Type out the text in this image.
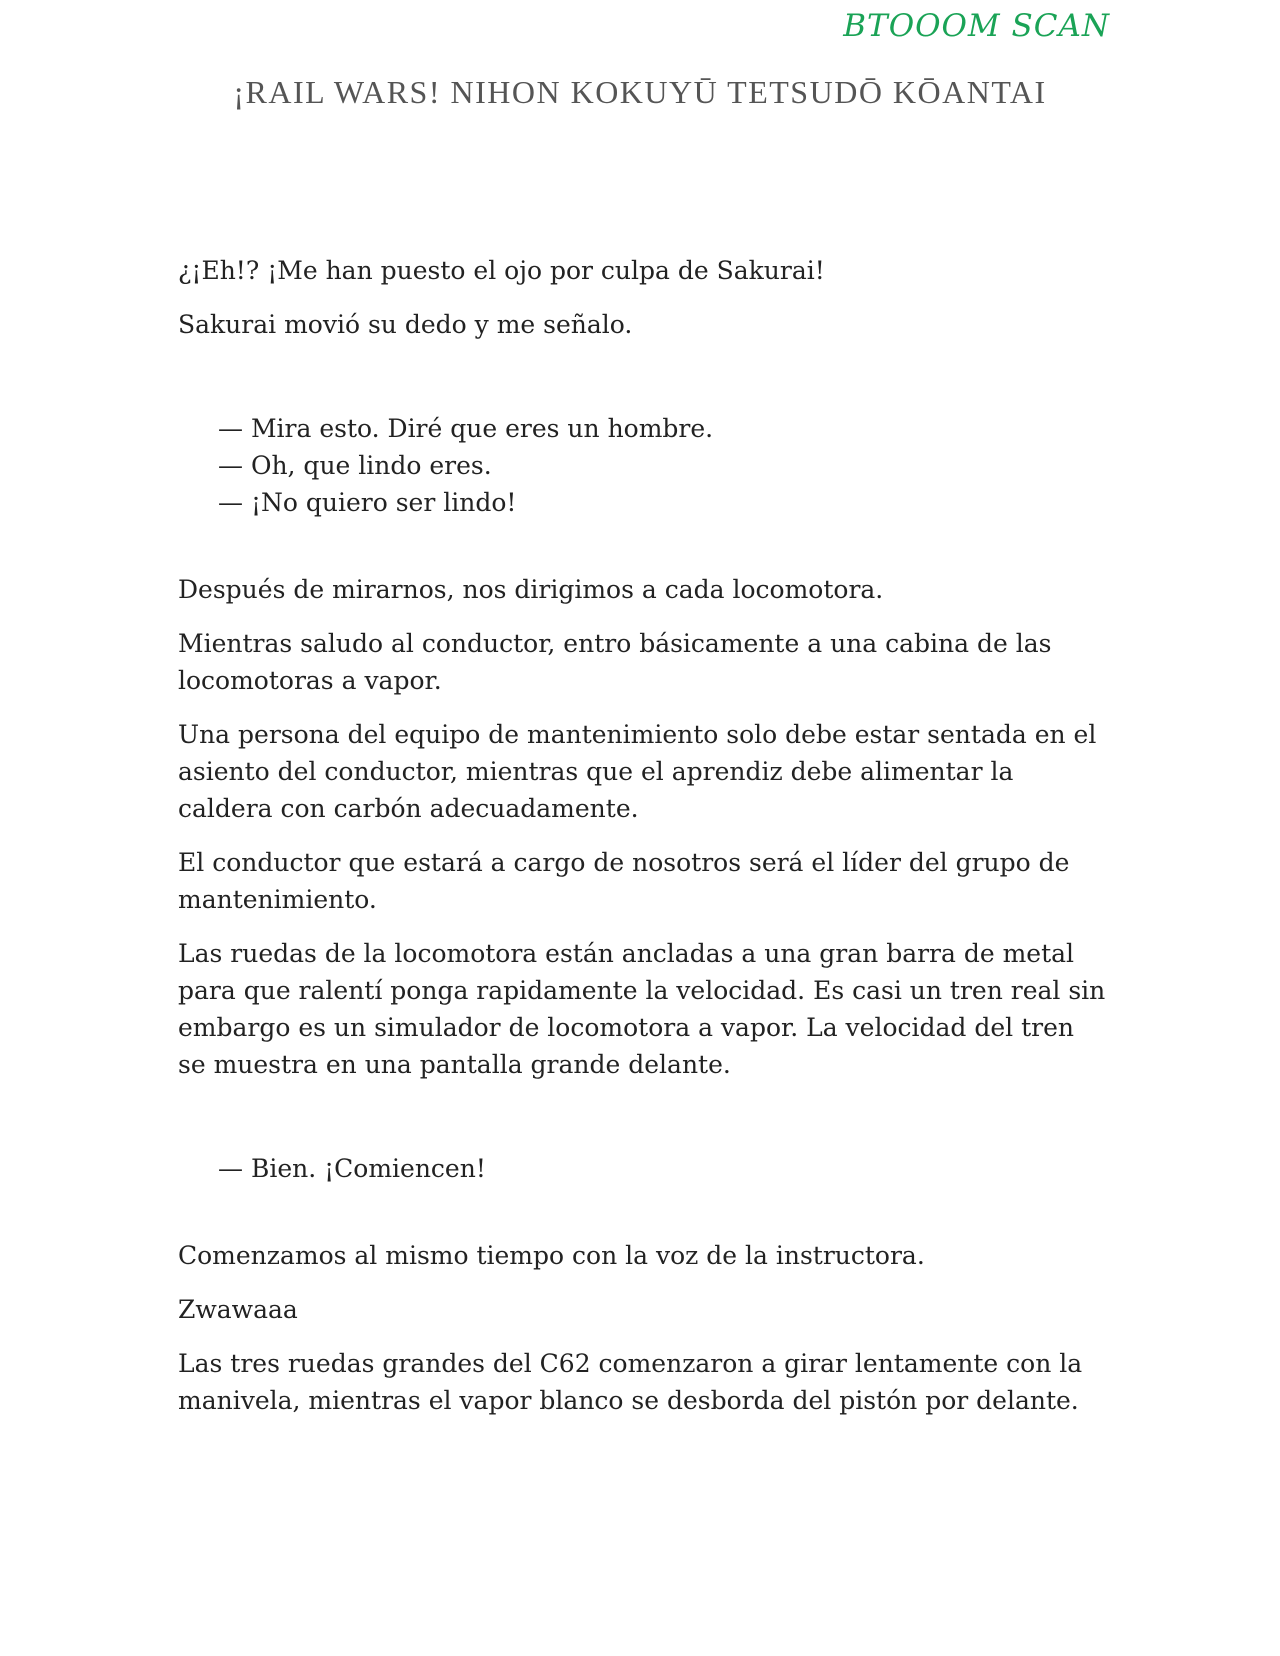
BTOOOM SCAN
¡RAIL WARS! NIHON KOKUYŪ TETSUDŌ KŌANTAI

¿¡Eh!? ¡Me han puesto el ojo por culpa de Sakurai!

Sakurai movió su dedo y me señalo.

— Mira esto. Diré que eres un hombre.

— Oh, que lindo eres.

— ¡No quiero ser lindo!

Después de mirarnos, nos dirigimos a cada locomotora.

Mientras saludo al conductor, entro básicamente a una cabina de las locomotoras a vapor.

Una persona del equipo de mantenimiento solo debe estar sentada en el asiento del conductor, mientras que el aprendiz debe alimentar la caldera con carbón adecuadamente.

El conductor que estará a cargo de nosotros será el líder del grupo de mantenimiento.

Las ruedas de la locomotora están ancladas a una gran barra de metal para que ralentí ponga rapidamente la velocidad. Es casi un tren real sin embargo es un simulador de locomotora a vapor. La velocidad del tren se muestra en una pantalla grande delante.

— Bien. ¡Comiencen!

Comenzamos al mismo tiempo con la voz de la instructora.

Zwawaaa

Las tres ruedas grandes del C62 comenzaron a girar lentamente con la manivela, mientras el vapor blanco se desborda del pistón por delante.
